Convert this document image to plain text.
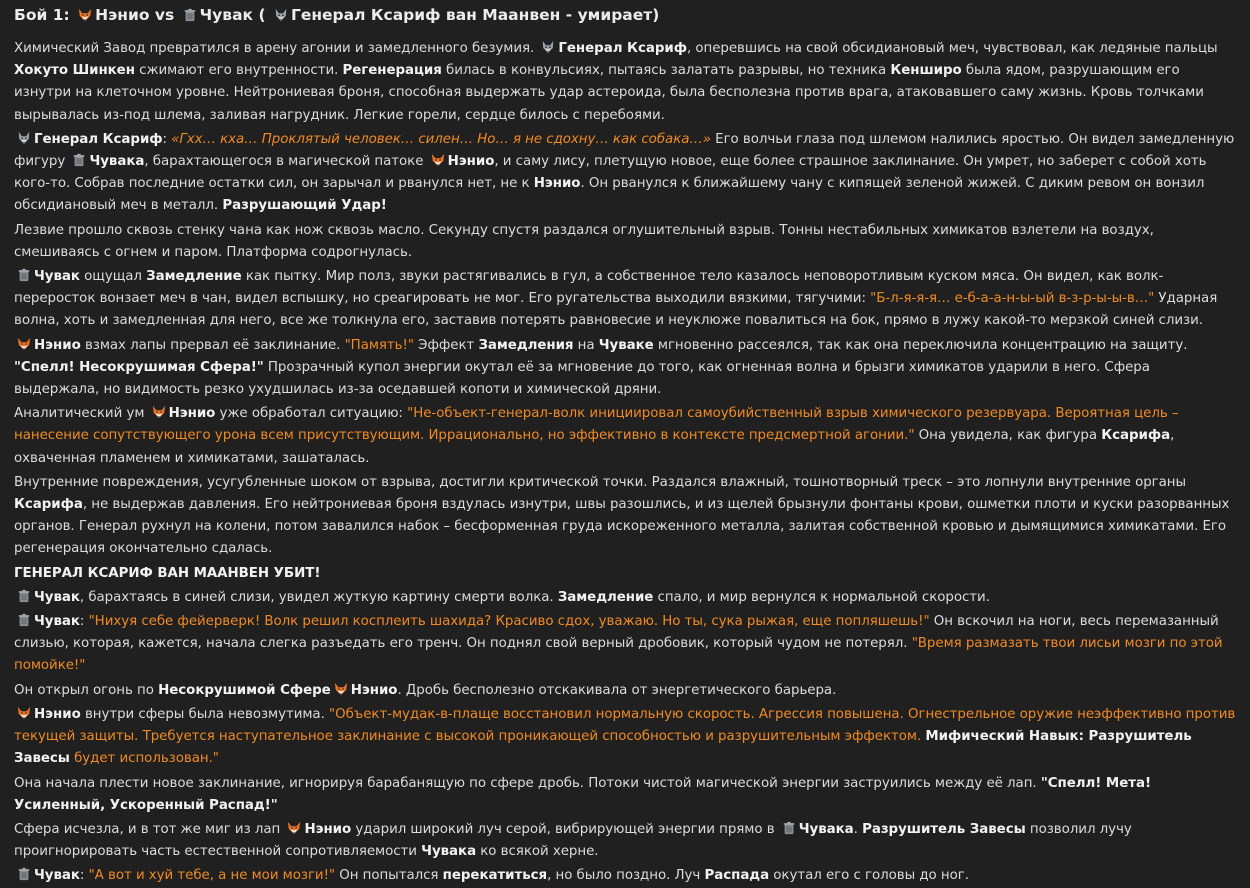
Бой 1:
Нэнио vs
Чувак (
Генерал Ксариф ван Маанвен - умирает)
Химический Завод превратился в арену агонии и замедленного безумия.
Генерал Ксариф, оперевшись на свой обсидиановый меч, чувствовал, как ледяные пальцы Хокуто Шинкен сжимают его внутренности. Регенерация билась в конвульсиях, пытаясь залатать разрывы, но техника Кенширо была ядом, разрушающим его изнутри на клеточном уровне. Нейтрониевая броня, способная выдержать удар астероида, была бесполезна против врага, атаковавшего саму жизнь. Кровь толчками вырывалась из-под шлема, заливая нагрудник. Легкие горели, сердце билось с перебоями.
Генерал Ксариф: «Гхх… кха… Проклятый человек… силен… Но… я не сдохну… как собака…» Его волчьи глаза под шлемом налились яростью. Он видел замедленную фигуру
Чувака, барахтающегося в магической патоке
Нэнио, и саму лису, плетущую новое, еще более страшное заклинание. Он умрет, но заберет с собой хоть кого-то. Собрав последние остатки сил, он зарычал и рванулся нет, не к Нэнио. Он рванулся к ближайшему чану с кипящей зеленой жижей. С диким ревом он вонзил обсидиановый меч в металл. Разрушающий Удар!
Лезвие прошло сквозь стенку чана как нож сквозь масло. Секунду спустя раздался оглушительный взрыв. Тонны нестабильных химикатов взлетели на воздух, смешиваясь с огнем и паром. Платформа содрогнулась.
Чувак ощущал Замедление как пытку. Мир полз, звуки растягивались в гул, а собственное тело казалось неповоротливым куском мяса. Он видел, как волк-переросток вонзает меч в чан, видел вспышку, но среагировать не мог. Его ругательства выходили вязкими, тягучими: "Б-л-я-я-я… е-б-а-а-н-ы-ый в-з-р-ы-ы-в…" Ударная волна, хоть и замедленная для него, все же толкнула его, заставив потерять равновесие и неуклюже повалиться на бок, прямо в лужу какой-то мерзкой синей слизи.
Нэнио взмах лапы прервал её заклинание. "Память!" Эффект Замедления на Чуваке мгновенно рассеялся, так как она переключила концентрацию на защиту. "Спелл! Несокрушимая Сфера!" Прозрачный купол энергии окутал её за мгновение до того, как огненная волна и брызги химикатов ударили в него. Сфера выдержала, но видимость резко ухудшилась из-за оседавшей копоти и химической дряни.
Аналитический ум
Нэнио уже обработал ситуацию: "Не-объект-генерал-волк инициировал самоубийственный взрыв химического резервуара. Вероятная цель – нанесение сопутствующего урона всем присутствующим. Иррационально, но эффективно в контексте предсмертной агонии." Она увидела, как фигура Ксарифа, охваченная пламенем и химикатами, зашаталась.
Внутренние повреждения, усугубленные шоком от взрыва, достигли критической точки. Раздался влажный, тошнотворный треск – это лопнули внутренние органы Ксарифа, не выдержав давления. Его нейтрониевая броня вздулась изнутри, швы разошлись, и из щелей брызнули фонтаны крови, ошметки плоти и куски разорванных органов. Генерал рухнул на колени, потом завалился набок – бесформенная груда искореженного металла, залитая собственной кровью и дымящимися химикатами. Его регенерация окончательно сдалась.
ГЕНЕРАЛ КСАРИФ ВАН МААНВЕН УБИТ!
Чувак, барахтаясь в синей слизи, увидел жуткую картину смерти волка. Замедление спало, и мир вернулся к нормальной скорости.
Чувак: "Нихуя себе фейерверк! Волк решил косплеить шахида? Красиво сдох, уважаю. Но ты, сука рыжая, еще попляшешь!" Он вскочил на ноги, весь перемазанный слизью, которая, кажется, начала слегка разъедать его тренч. Он поднял свой верный дробовик, который чудом не потерял. "Время размазать твои лисьи мозги по этой помойке!"
Он открыл огонь по Несокрушимой Сфере Нэнио. Дробь бесполезно отскакивала от энергетического барьера.
Нэнио внутри сферы была невозмутима. "Объект-мудак-в-плаще восстановил нормальную скорость. Агрессия повышена. Огнестрельное оружие неэффективно против текущей защиты. Требуется наступательное заклинание с высокой проникающей способностью и разрушительным эффектом. Мифический Навык: Разрушитель Завесы будет использован."
Она начала плести новое заклинание, игнорируя барабанящую по сфере дробь. Потоки чистой магической энергии заструились между её лап. "Спелл! Мета! Усиленный, Ускоренный Распад!"
Сфера исчезла, и в тот же миг из лап
Нэнио ударил широкий луч серой, вибрирующей энергии прямо в
Чувака. Разрушитель Завесы позволил лучу проигнорировать часть естественной сопротивляемости Чувака ко всякой херне.
Чувак: "А вот и хуй тебе, а не мои мозги!" Он попытался перекатиться, но было поздно. Луч Распада окутал его с головы до ног.
